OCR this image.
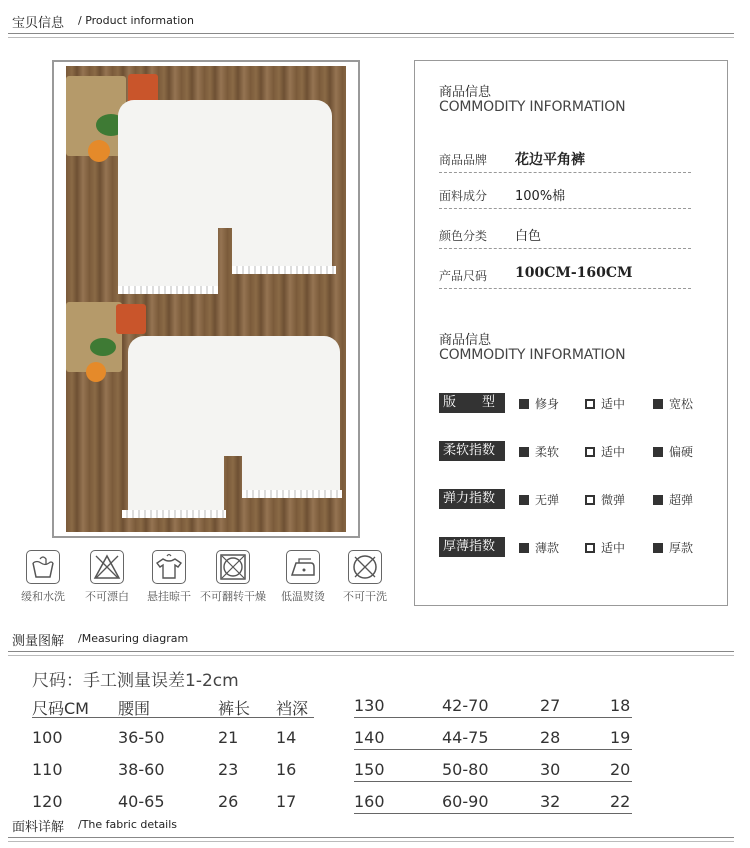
宝贝信息 / Product information
缓和水洗	不可漂白	悬挂晾干 不可翻转干燥	低温熨烫	不可干洗
商品信息
COMMODITY INFORMATION
商品品牌 花边平角裤
面料成分 100%棉
颜色分类 白色
产品尺码 100CM-160CM
商品信息
COMMODITY INFORMATION
版　　型	修身	适中	宽松
柔软指数	柔软	适中	偏硬
弹力指数	无弹	微弹	超弹
厚薄指数	薄款	适中	厚款
测量图解 /Measuring diagram
尺码：手工测量误差1-2cm
尺码CM 腰围	裤长 裆深
100	36-50	21 14
110	38-60	23 16
120	40-65	26 17
130	42-70	27	18
140	44-75	28	19
150	50-80	30	20
160	60-90	32	22
面料详解 /The fabric details
